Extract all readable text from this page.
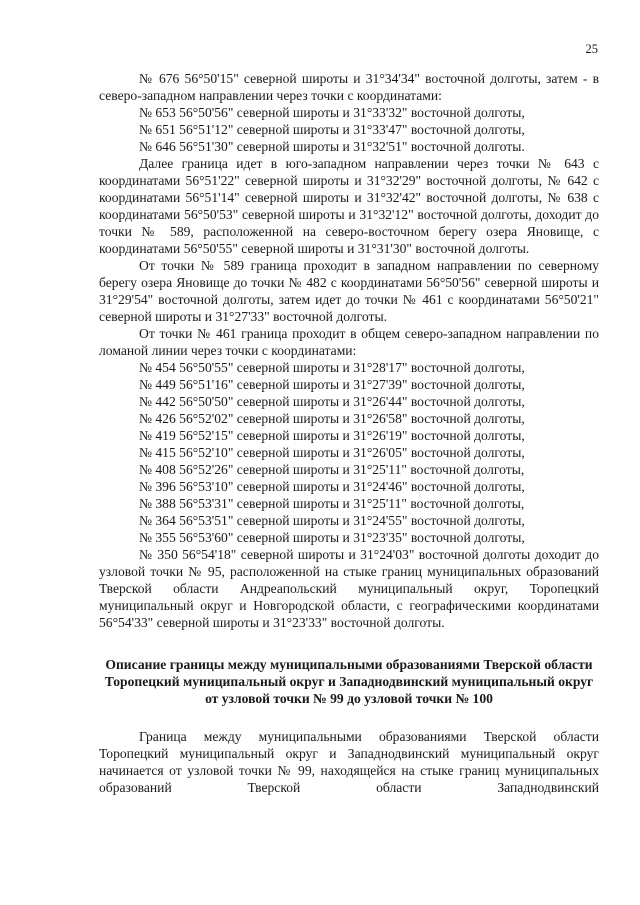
25

№ 676 56°50'15" северной широты и 31°34'34" восточной долготы, затем - в северо-западном направлении через точки с координатами:

№ 653 56°50'56" северной широты и 31°33'32" восточной долготы,
№ 651 56°51'12" северной широты и 31°33'47" восточной долготы,
№ 646 56°51'30" северной широты и 31°32'51" восточной долготы.

Далее граница идет в юго-западном направлении через точки № 643 с координатами 56°51'22" северной широты и 31°32'29" восточной долготы, № 642 с координатами 56°51'14" северной широты и 31°32'42" восточной долготы, № 638 с координатами 56°50'53" северной широты и 31°32'12" восточной долготы, доходит до точки № 589, расположенной на северо-восточном берегу озера Яновище, с координатами 56°50'55" северной широты и 31°31'30" восточной долготы.

От точки № 589 граница проходит в западном направлении по северному берегу озера Яновище до точки № 482 с координатами 56°50'56" северной широты и 31°29'54" восточной долготы, затем идет до точки № 461 с координатами 56°50'21" северной широты и 31°27'33" восточной долготы.

От точки № 461 граница проходит в общем северо-западном направлении по ломаной линии через точки с координатами:

№ 454 56°50'55" северной широты и 31°28'17" восточной долготы,
№ 449 56°51'16" северной широты и 31°27'39" восточной долготы,
№ 442 56°50'50" северной широты и 31°26'44" восточной долготы,
№ 426 56°52'02" северной широты и 31°26'58" восточной долготы,
№ 419 56°52'15" северной широты и 31°26'19" восточной долготы,
№ 415 56°52'10" северной широты и 31°26'05" восточной долготы,
№ 408 56°52'26" северной широты и 31°25'11" восточной долготы,
№ 396 56°53'10" северной широты и 31°24'46" восточной долготы,
№ 388 56°53'31" северной широты и 31°25'11" восточной долготы,
№ 364 56°53'51" северной широты и 31°24'55" восточной долготы,
№ 355 56°53'60" северной широты и 31°23'35" восточной долготы,

№ 350 56°54'18" северной широты и 31°24'03" восточной долготы доходит до узловой точки № 95, расположенной на стыке границ муниципальных образований Тверской области Андреапольский муниципальный округ, Торопецкий муниципальный округ и Новгородской области, с географическими координатами 56°54'33" северной широты и 31°23'33" восточной долготы.

Описание границы между муниципальными образованиями Тверской области Торопецкий муниципальный округ и Западнодвинский муниципальный округ от узловой точки № 99 до узловой точки № 100

Граница между муниципальными образованиями Тверской области Торопецкий муниципальный округ и Западнодвинский муниципальный округ начинается от узловой точки № 99, находящейся на стыке границ муниципальных образований Тверской области Западнодвинский
